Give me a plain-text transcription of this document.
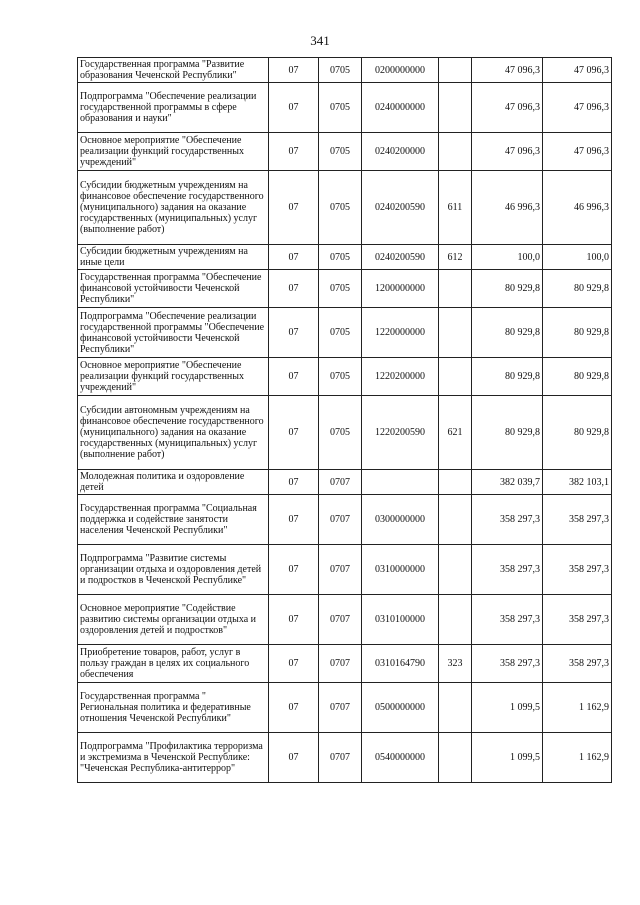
341
Государственная программа "Развитие образования Чеченской Республики"	07	0705	0200000000		47 096,3	47 096,3
Подпрограмма "Обеспечение реализации государственной программы в сфере образования и науки"	07	0705	0240000000		47 096,3	47 096,3
Основное мероприятие "Обеспечение реализации функций государственных учреждений"	07	0705	0240200000		47 096,3	47 096,3
Субсидии бюджетным учреждениям на финансовое обеспечение государственного (муниципального) задания на оказание государственных (муниципальных) услуг (выполнение работ)	07	0705	0240200590	611	46 996,3	46 996,3
Субсидии бюджетным учреждениям на иные цели	07	0705	0240200590	612	100,0	100,0
Государственная программа "Обеспечение финансовой устойчивости Чеченской Республики"	07	0705	1200000000		80 929,8	80 929,8
Подпрограмма "Обеспечение реализации государственной программы "Обеспечение финансовой устойчивости Чеченской Республики"	07	0705	1220000000		80 929,8	80 929,8
Основное мероприятие "Обеспечение реализации функций государственных учреждений"	07	0705	1220200000		80 929,8	80 929,8
Субсидии автономным учреждениям на финансовое обеспечение государственного (муниципального) задания на оказание государственных (муниципальных) услуг (выполнение работ)	07	0705	1220200590	621	80 929,8	80 929,8
Молодежная политика и оздоровление детей	07	0707			382 039,7	382 103,1
Государственная программа "Социальная поддержка и содействие занятости населения Чеченской Республики"	07	0707	0300000000		358 297,3	358 297,3
Подпрограмма "Развитие системы организации отдыха и оздоровления детей и подростков в Чеченской Республике"	07	0707	0310000000		358 297,3	358 297,3
Основное мероприятие "Содействие развитию системы организации отдыха и оздоровления детей и подростков"	07	0707	0310100000		358 297,3	358 297,3
Приобретение товаров, работ, услуг в пользу граждан в целях их социального обеспечения	07	0707	0310164790	323	358 297,3	358 297,3
Государственная программа " Региональная политика и федеративные отношения Чеченской Республики"	07	0707	0500000000		1 099,5	1 162,9
Подпрограмма "Профилактика терроризма и экстремизма в Чеченской Республике: "Чеченская Республика-антитеррор"	07	0707	0540000000		1 099,5	1 162,9
